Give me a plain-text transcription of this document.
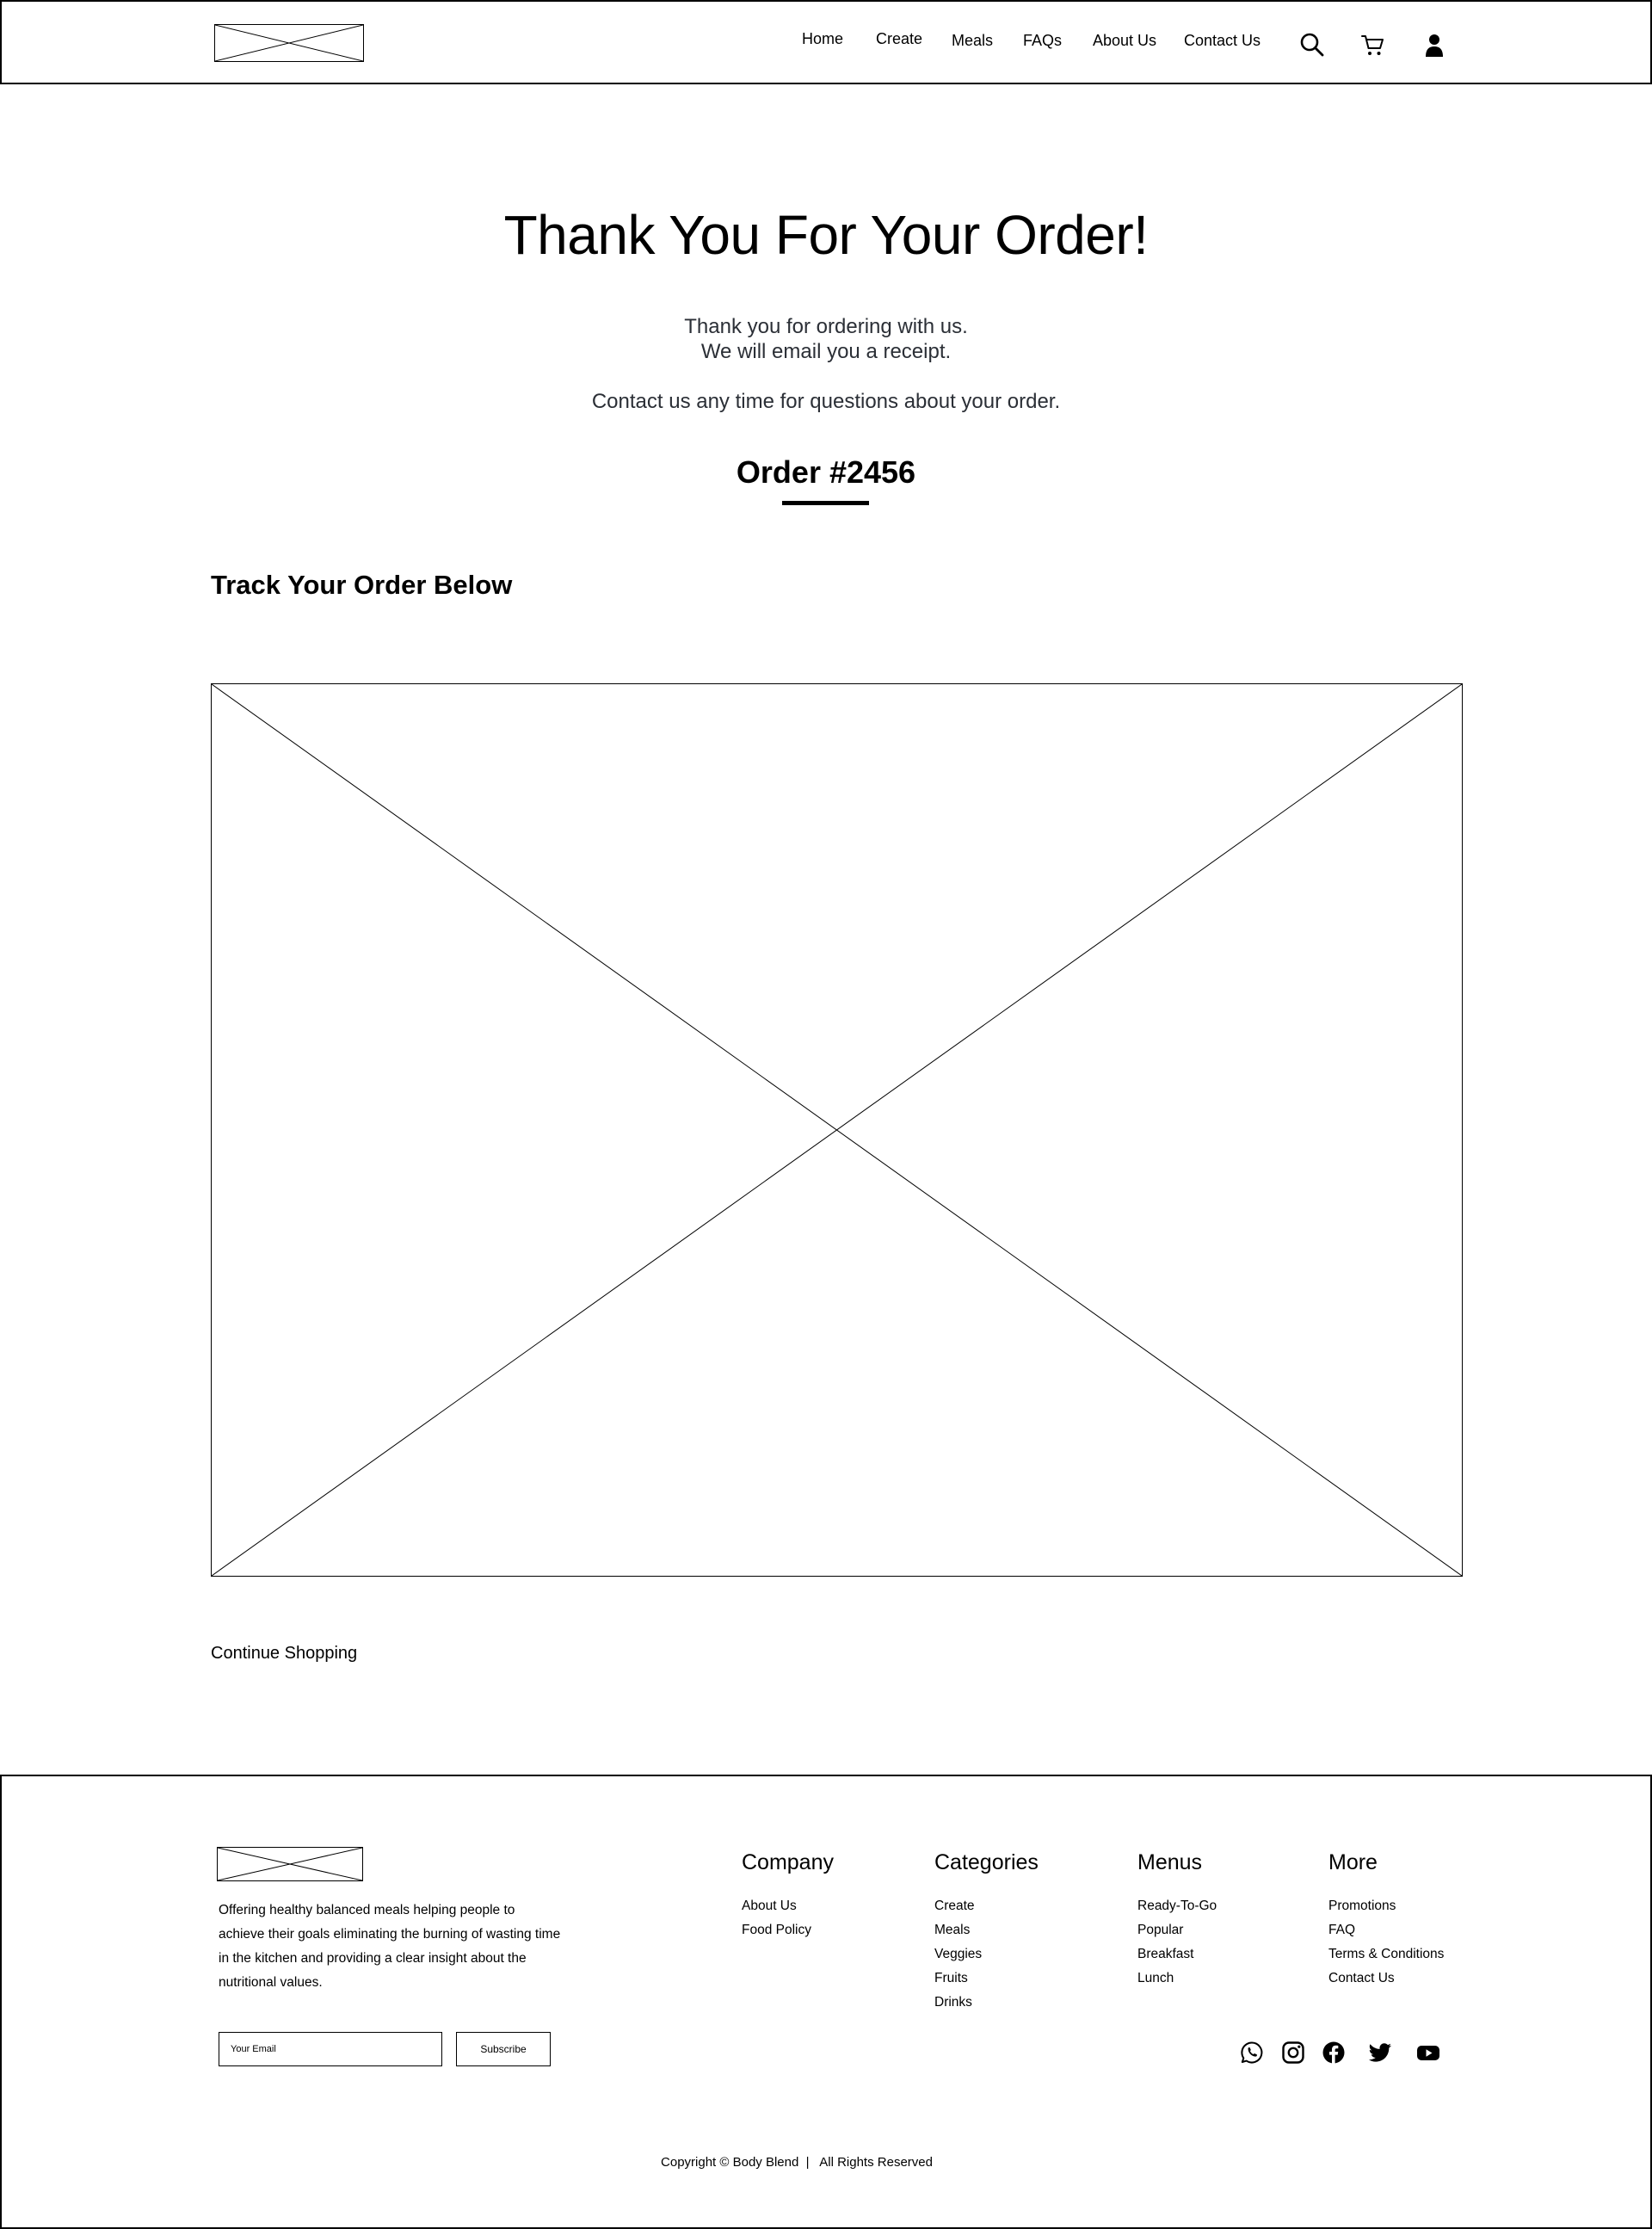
Home Create Meals FAQs About Us Contact Us
Thank You For Your Order!

Thank you for ordering with us.

We will email you a receipt.

Contact us any time for questions about your order.

Order #2456
Track Your Order Below
Continue Shopping

Offering healthy balanced meals helping people to achieve their goals eliminating the burning of wasting time in the kitchen and providing a clear insight about the nutritional values.

Your Email
Subscribe
Company
About Us
Food Policy
Categories
Create
Meals
Veggies
Fruits
Drinks
Menus
Ready-To-Go
Popular
Breakfast
Lunch
More
Promotions
FAQ
Terms & Conditions
Contact Us

Copyright © Body Blend  |   All Rights Reserved
